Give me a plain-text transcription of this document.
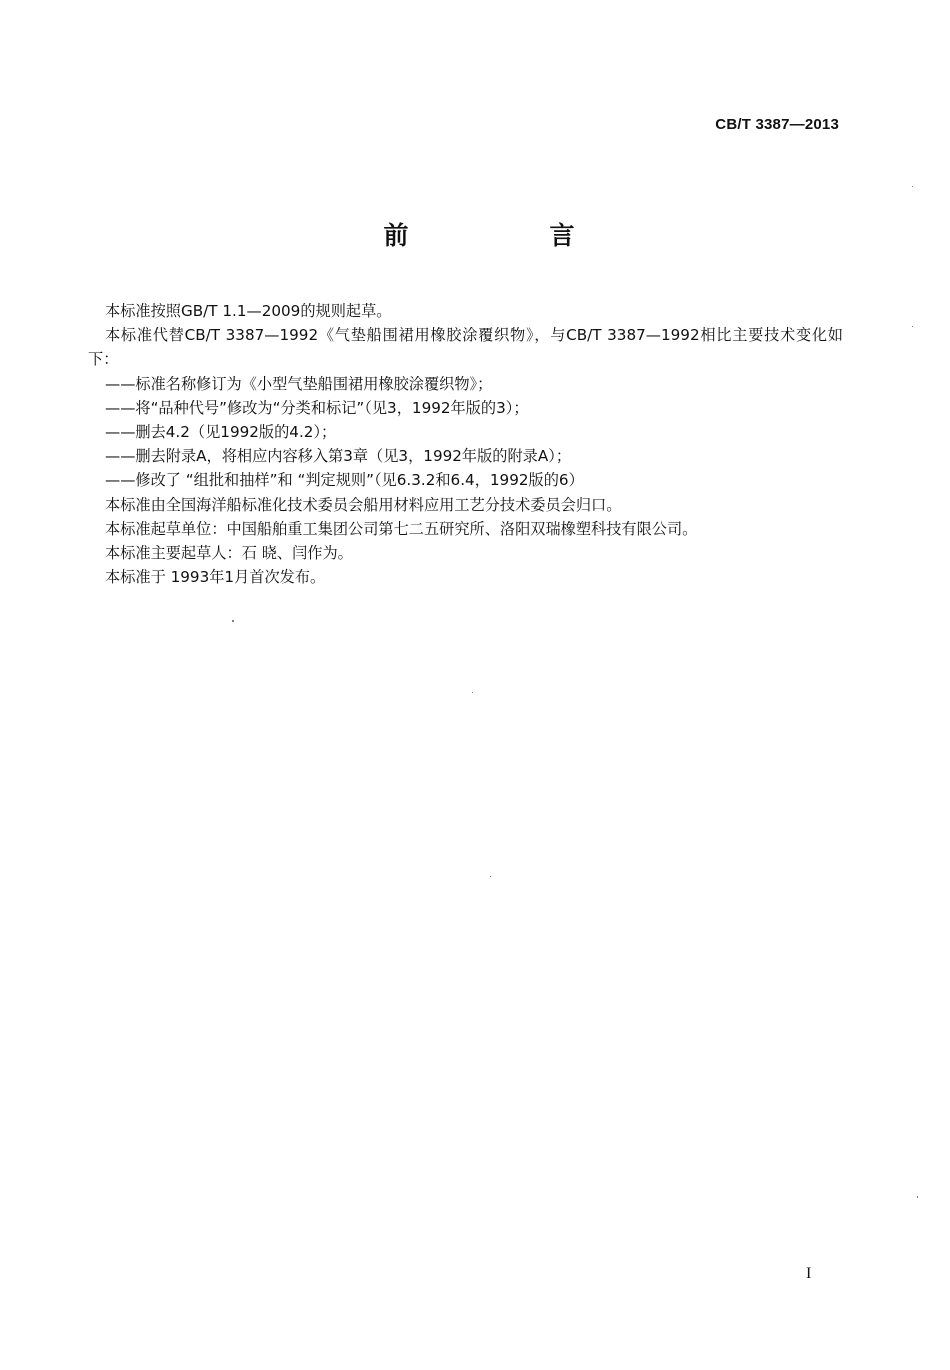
CB/T 3387—2013
前　言

本标准按照GB/T 1.1—2009的规则起草。

本标准代替CB/T 3387—1992《气垫船围裙用橡胶涂覆织物》，与CB/T 3387—1992相比主要技术变化如下：

——标准名称修订为《小型气垫船围裙用橡胶涂覆织物》；

——将“品种代号”修改为“分类和标记”（见3，1992年版的3）；

——删去4.2（见1992版的4.2）；

——删去附录A，将相应内容移入第3章（见3，1992年版的附录A）；

——修改了 “组批和抽样”和 “判定规则”（见6.3.2和6.4，1992版的6）

本标准由全国海洋船标准化技术委员会船用材料应用工艺分技术委员会归口。

本标准起草单位：中国船舶重工集团公司第七二五研究所、洛阳双瑞橡塑科技有限公司。

本标准主要起草人：石 晓、闫作为。

本标准于 1993年1月首次发布。

I
